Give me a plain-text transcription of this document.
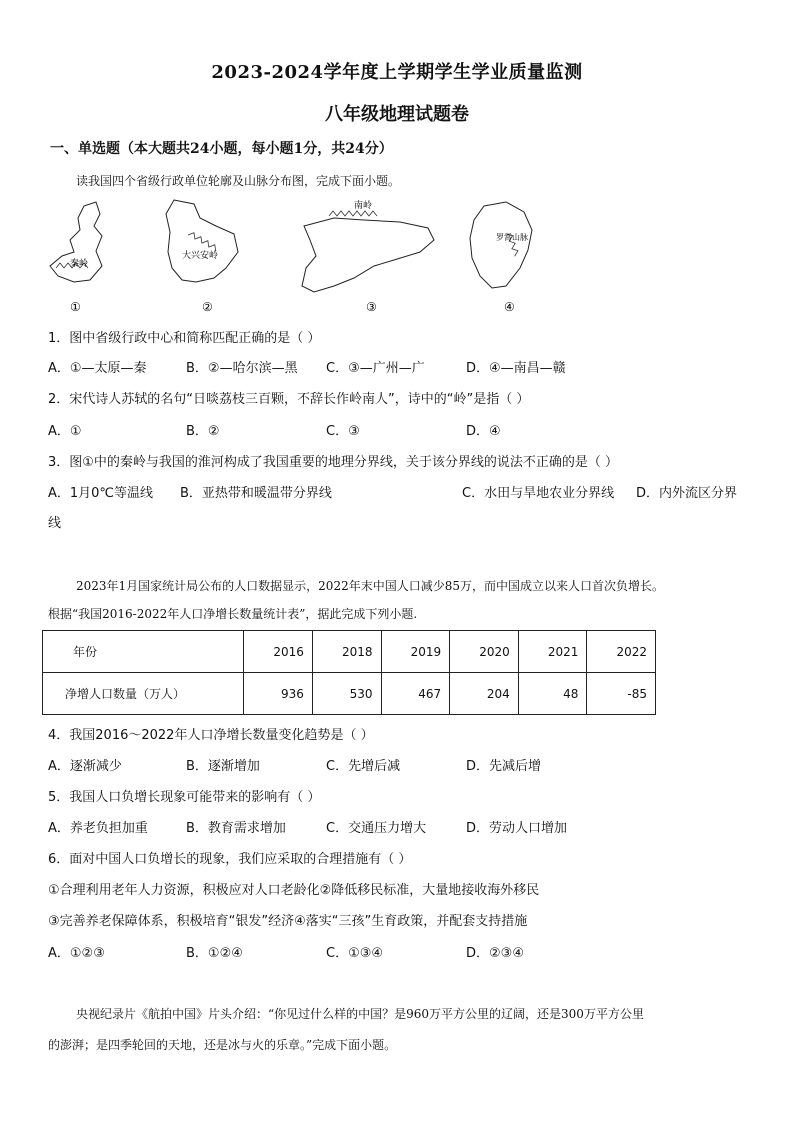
2023-2024学年度上学期学生学业质量监测
八年级地理试题卷
一、单选题（本大题共24小题，每小题1分，共24分）
读我国四个省级行政单位轮廓及山脉分布图，完成下面小题。
秦岭
①
大兴安岭
②
南岭
③
罗霄山脉
④
1．图中省级行政中心和简称匹配正确的是（ ）
A．①—太原—秦	B．②—哈尔滨—黑 C．③—广州—广	D．④—南昌—赣
2．宋代诗人苏轼的名句“日啖荔枝三百颗，不辞长作岭南人”，诗中的“岭”是指（ ）
A．①	B．②	C．③	D．④
3．图①中的秦岭与我国的淮河构成了我国重要的地理分界线，关于该分界线的说法不正确的是（ ）
A．1月0℃等温线 B．亚热带和暖温带分界线	C．水田与旱地农业分界线 D．内外流区分界
线
2023年1月国家统计局公布的人口数据显示，2022年末中国人口减少85万，而中国成立以来人口首次负增长。
根据“我国2016-2022年人口净增长数量统计表”，据此完成下列小题.
年份	2016	2018	2019	2020	2021	2022
净增人口数量（万人）	936	530	467	204	48	-85
4．我国2016～2022年人口净增长数量变化趋势是（ ）
A．逐渐减少	B．逐渐增加	C．先增后减	D．先减后增
5．我国人口负增长现象可能带来的影响有（ ）
A．养老负担加重	B．教育需求增加	C．交通压力增大	D．劳动人口增加
6．面对中国人口负增长的现象，我们应采取的合理措施有（ ）
①合理利用老年人力资源，积极应对人口老龄化②降低移民标准，大量地接收海外移民
③完善养老保障体系，积极培育“银发”经济④落实“三孩”生育政策，并配套支持措施
A．①②③	B．①②④	C．①③④	D．②③④
央视纪录片《航拍中国》片头介绍：“你见过什么样的中国？是960万平方公里的辽阔，还是300万平方公里
的澎湃；是四季轮回的天地，还是冰与火的乐章。”完成下面小题。
